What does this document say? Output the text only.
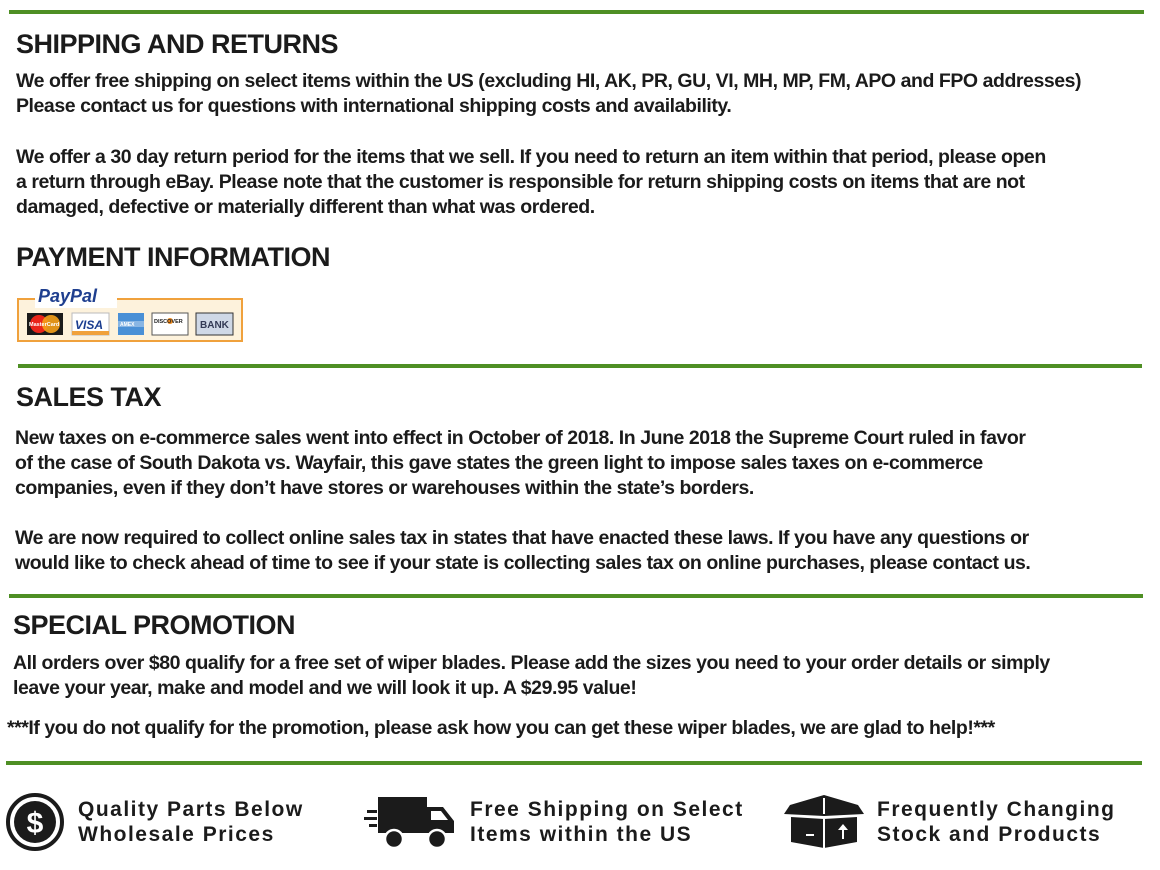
SHIPPING AND RETURNS

We offer free shipping on select items within the US (excluding HI, AK, PR, GU, VI, MH, MP, FM, APO and FPO addresses)
Please contact us for questions with international shipping costs and availability.

We offer a 30 day return period for the items that we sell. If you need to return an item within that period, please open
a return through eBay. Please note that the customer is responsible for return shipping costs on items that are not
damaged, defective or materially different than what was ordered.

PAYMENT INFORMATION
PayPal
MasterCard VISA	AMEX	DISCOVER BANK
SALES TAX

New taxes on e-commerce sales went into effect in October of 2018. In June 2018 the Supreme Court ruled in favor
of the case of South Dakota vs. Wayfair, this gave states the green light to impose sales taxes on e-commerce
companies, even if they don’t have stores or warehouses within the state’s borders.

We are now required to collect online sales tax in states that have enacted these laws. If you have any questions or
would like to check ahead of time to see if your state is collecting sales tax on online purchases, please contact us.

SPECIAL PROMOTION

All orders over $80 qualify for a free set of wiper blades. Please add the sizes you need to your order details or simply
leave your year, make and model and we will look it up. A $29.95 value!

***If you do not qualify for the promotion, please ask how you can get these wiper blades, we are glad to help!***

$ Quality Parts Below
Wholesale Prices
Free Shipping on Select
Items within the US
Frequently Changing
Stock and Products
